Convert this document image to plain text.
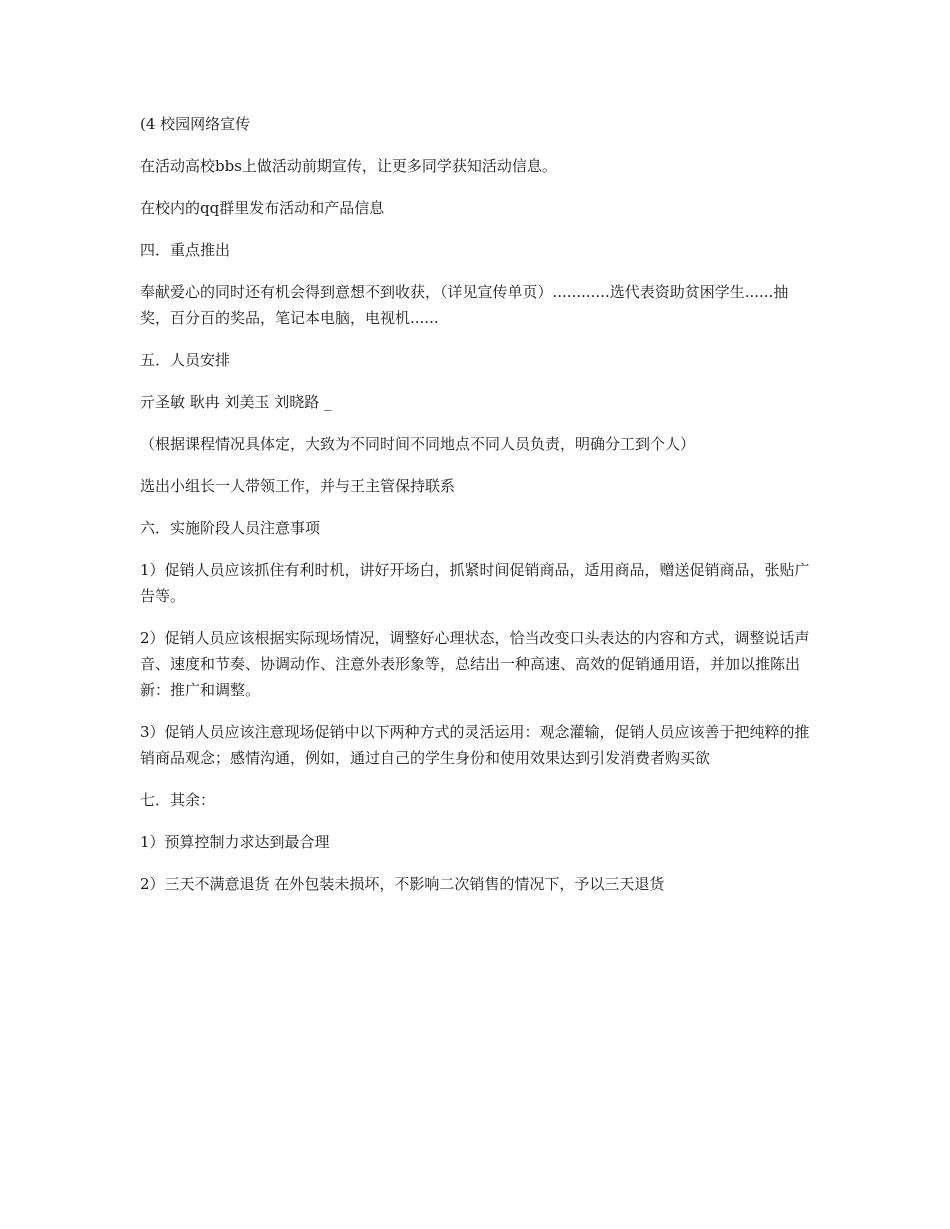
(4 校园网络宣传

在活动高校bbs上做活动前期宣传，让更多同学获知活动信息。

在校内的qq群里发布活动和产品信息

四．重点推出

奉献爱心的同时还有机会得到意想不到收获，（详见宣传单页）............选代表资助贫困学生......抽奖，百分百的奖品，笔记本电脑，电视机......

五．人员安排

亓圣敏 耿冉 刘美玉 刘晓路 _

（根据课程情况具体定，大致为不同时间不同地点不同人员负责，明确分工到个人）

选出小组长一人带领工作，并与王主管保持联系

六．实施阶段人员注意事项

1）促销人员应该抓住有利时机，讲好开场白，抓紧时间促销商品，适用商品，赠送促销商品，张贴广告等。

2）促销人员应该根据实际现场情况，调整好心理状态，恰当改变口头表达的内容和方式，调整说话声音、速度和节奏、协调动作、注意外表形象等，总结出一种高速、高效的促销通用语，并加以推陈出新：推广和调整。

3）促销人员应该注意现场促销中以下两种方式的灵活运用：观念灌输，促销人员应该善于把纯粹的推销商品观念；感情沟通，例如，通过自己的学生身份和使用效果达到引发消费者购买欲

七．其余：

1）预算控制力求达到最合理

2）三天不满意退货 在外包装未损坏，不影响二次销售的情况下，予以三天退货
